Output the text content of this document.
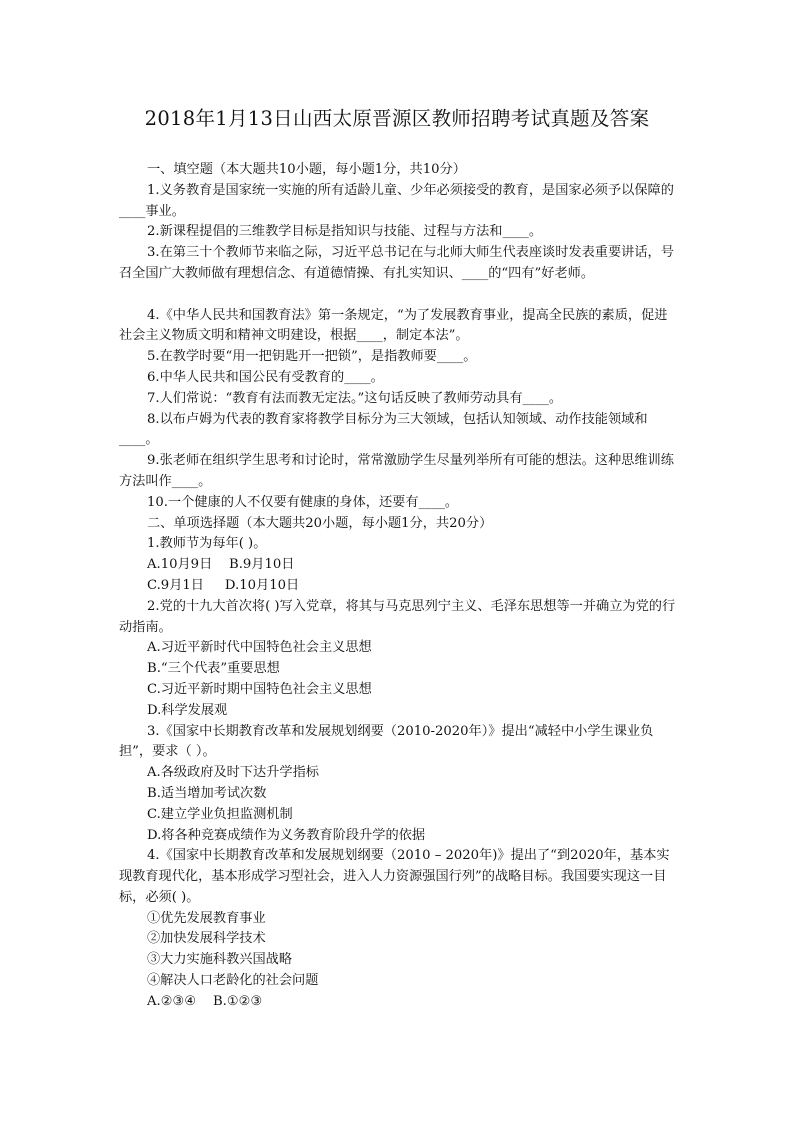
2018年1月13日山西太原晋源区教师招聘考试真题及答案

一、填空题（本大题共10小题，每小题1分，共10分）

1.义务教育是国家统一实施的所有适龄儿童、少年必须接受的教育，是国家必须予以保障的____事业。

2.新课程提倡的三维教学目标是指知识与技能、过程与方法和____。

3.在第三十个教师节来临之际，习近平总书记在与北师大师生代表座谈时发表重要讲话，号召全国广大教师做有理想信念、有道德情操、有扎实知识、____的“四有”好老师。

4.《中华人民共和国教育法》第一条规定，“为了发展教育事业，提高全民族的素质，促进社会主义物质文明和精神文明建设，根据____，制定本法”。

5.在教学时要“用一把钥匙开一把锁”，是指教师要____。

6.中华人民共和国公民有受教育的____。

7.人们常说：“教育有法而教无定法。”这句话反映了教师劳动具有____。

8.以布卢姆为代表的教育家将教学目标分为三大领域，包括认知领域、动作技能领域和____。

9.张老师在组织学生思考和讨论时，常常激励学生尽量列举所有可能的想法。这种思维训练方法叫作____。

10.一个健康的人不仅要有健康的身体，还要有____。

二、单项选择题（本大题共20小题，每小题1分，共20分）

1.教师节为每年( )。

A.10月9日    B.9月10日

C.9月1日     D.10月10日

2.党的十九大首次将( )写入党章，将其与马克思列宁主义、毛泽东思想等一并确立为党的行动指南。

A.习近平新时代中国特色社会主义思想

B.“三个代表”重要思想

C.习近平新时期中国特色社会主义思想

D.科学发展观

3.《国家中长期教育改革和发展规划纲要（2010-2020年）》提出“减轻中小学生课业负担”，要求（ ）。

A.各级政府及时下达升学指标

B.适当增加考试次数

C.建立学业负担监测机制

D.将各种竞赛成绩作为义务教育阶段升学的依据

4.《国家中长期教育改革和发展规划纲要（2010 – 2020年)》提出了“到2020年，基本实现教育现代化，基本形成学习型社会，进入人力资源强国行列”的战略目标。我国要实现这一目标，必须( )。

①优先发展教育事业

②加快发展科学技术

③大力实施科教兴国战略

④解决人口老龄化的社会问题

A.②③④    B.①②③
